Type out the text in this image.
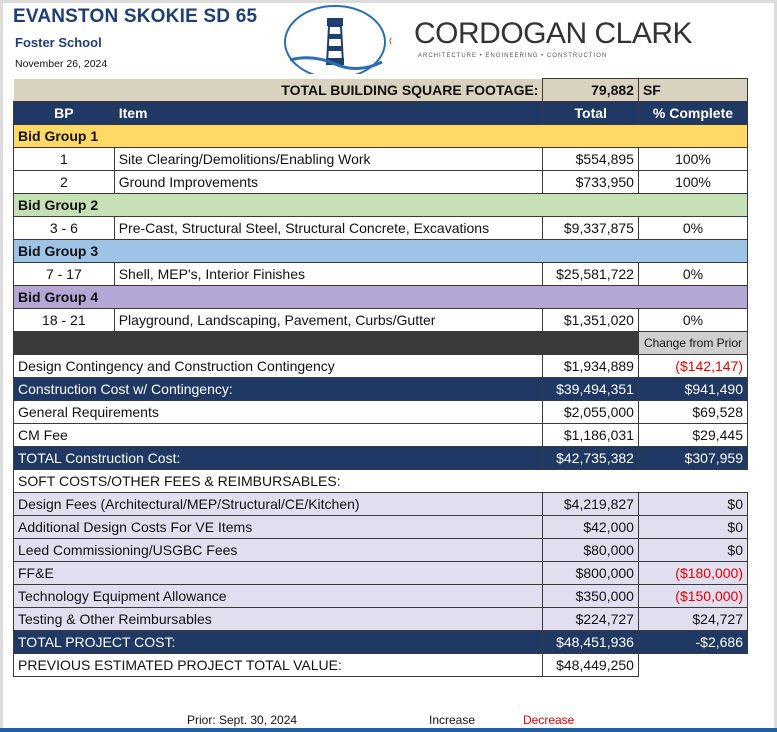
EVANSTON SKOKIE SD 65
Foster School
November 26, 2024
CORDOGAN CLARK
ARCHITECTURE • ENGINEERING • CONSTRUCTION
TOTAL BUILDING SQUARE FOOTAGE:		79,882	SF
BP	Item	Total	% Complete
Bid Group 1			
1	Site Clearing/Demolitions/Enabling Work	$554,895	100%
2	Ground Improvements	$733,950	100%
Bid Group 2			
3 - 6	Pre-Cast, Structural Steel, Structural Concrete, Excavations	$9,337,875	0%
Bid Group 3			
7 - 17	Shell, MEP's, Interior Finishes	$25,581,722	0%
Bid Group 4			
18 - 21	Playground, Landscaping, Pavement, Curbs/Gutter	$1,351,020	0%
			Change from Prior
Design Contingency and Construction Contingency		$1,934,889	($142,147)
Construction Cost w/ Contingency:		$39,494,351	$941,490
General Requirements		$2,055,000	$69,528
CM Fee		$1,186,031	$29,445
TOTAL Construction Cost:		$42,735,382	$307,959
SOFT COSTS/OTHER FEES & REIMBURSABLES:			
Design Fees (Architectural/MEP/Structural/CE/Kitchen)		$4,219,827	$0
Additional Design Costs For VE Items		$42,000	$0
Leed Commissioning/USGBC Fees		$80,000	$0
FF&E		$800,000	($180,000)
Technology Equipment Allowance		$350,000	($150,000)
Testing & Other Reimbursables		$224,727	$24,727
TOTAL PROJECT COST:		$48,451,936	-$2,686
PREVIOUS ESTIMATED PROJECT TOTAL VALUE:		$48,449,250	
Prior: Sept. 30, 2024	Increase	Decrease
